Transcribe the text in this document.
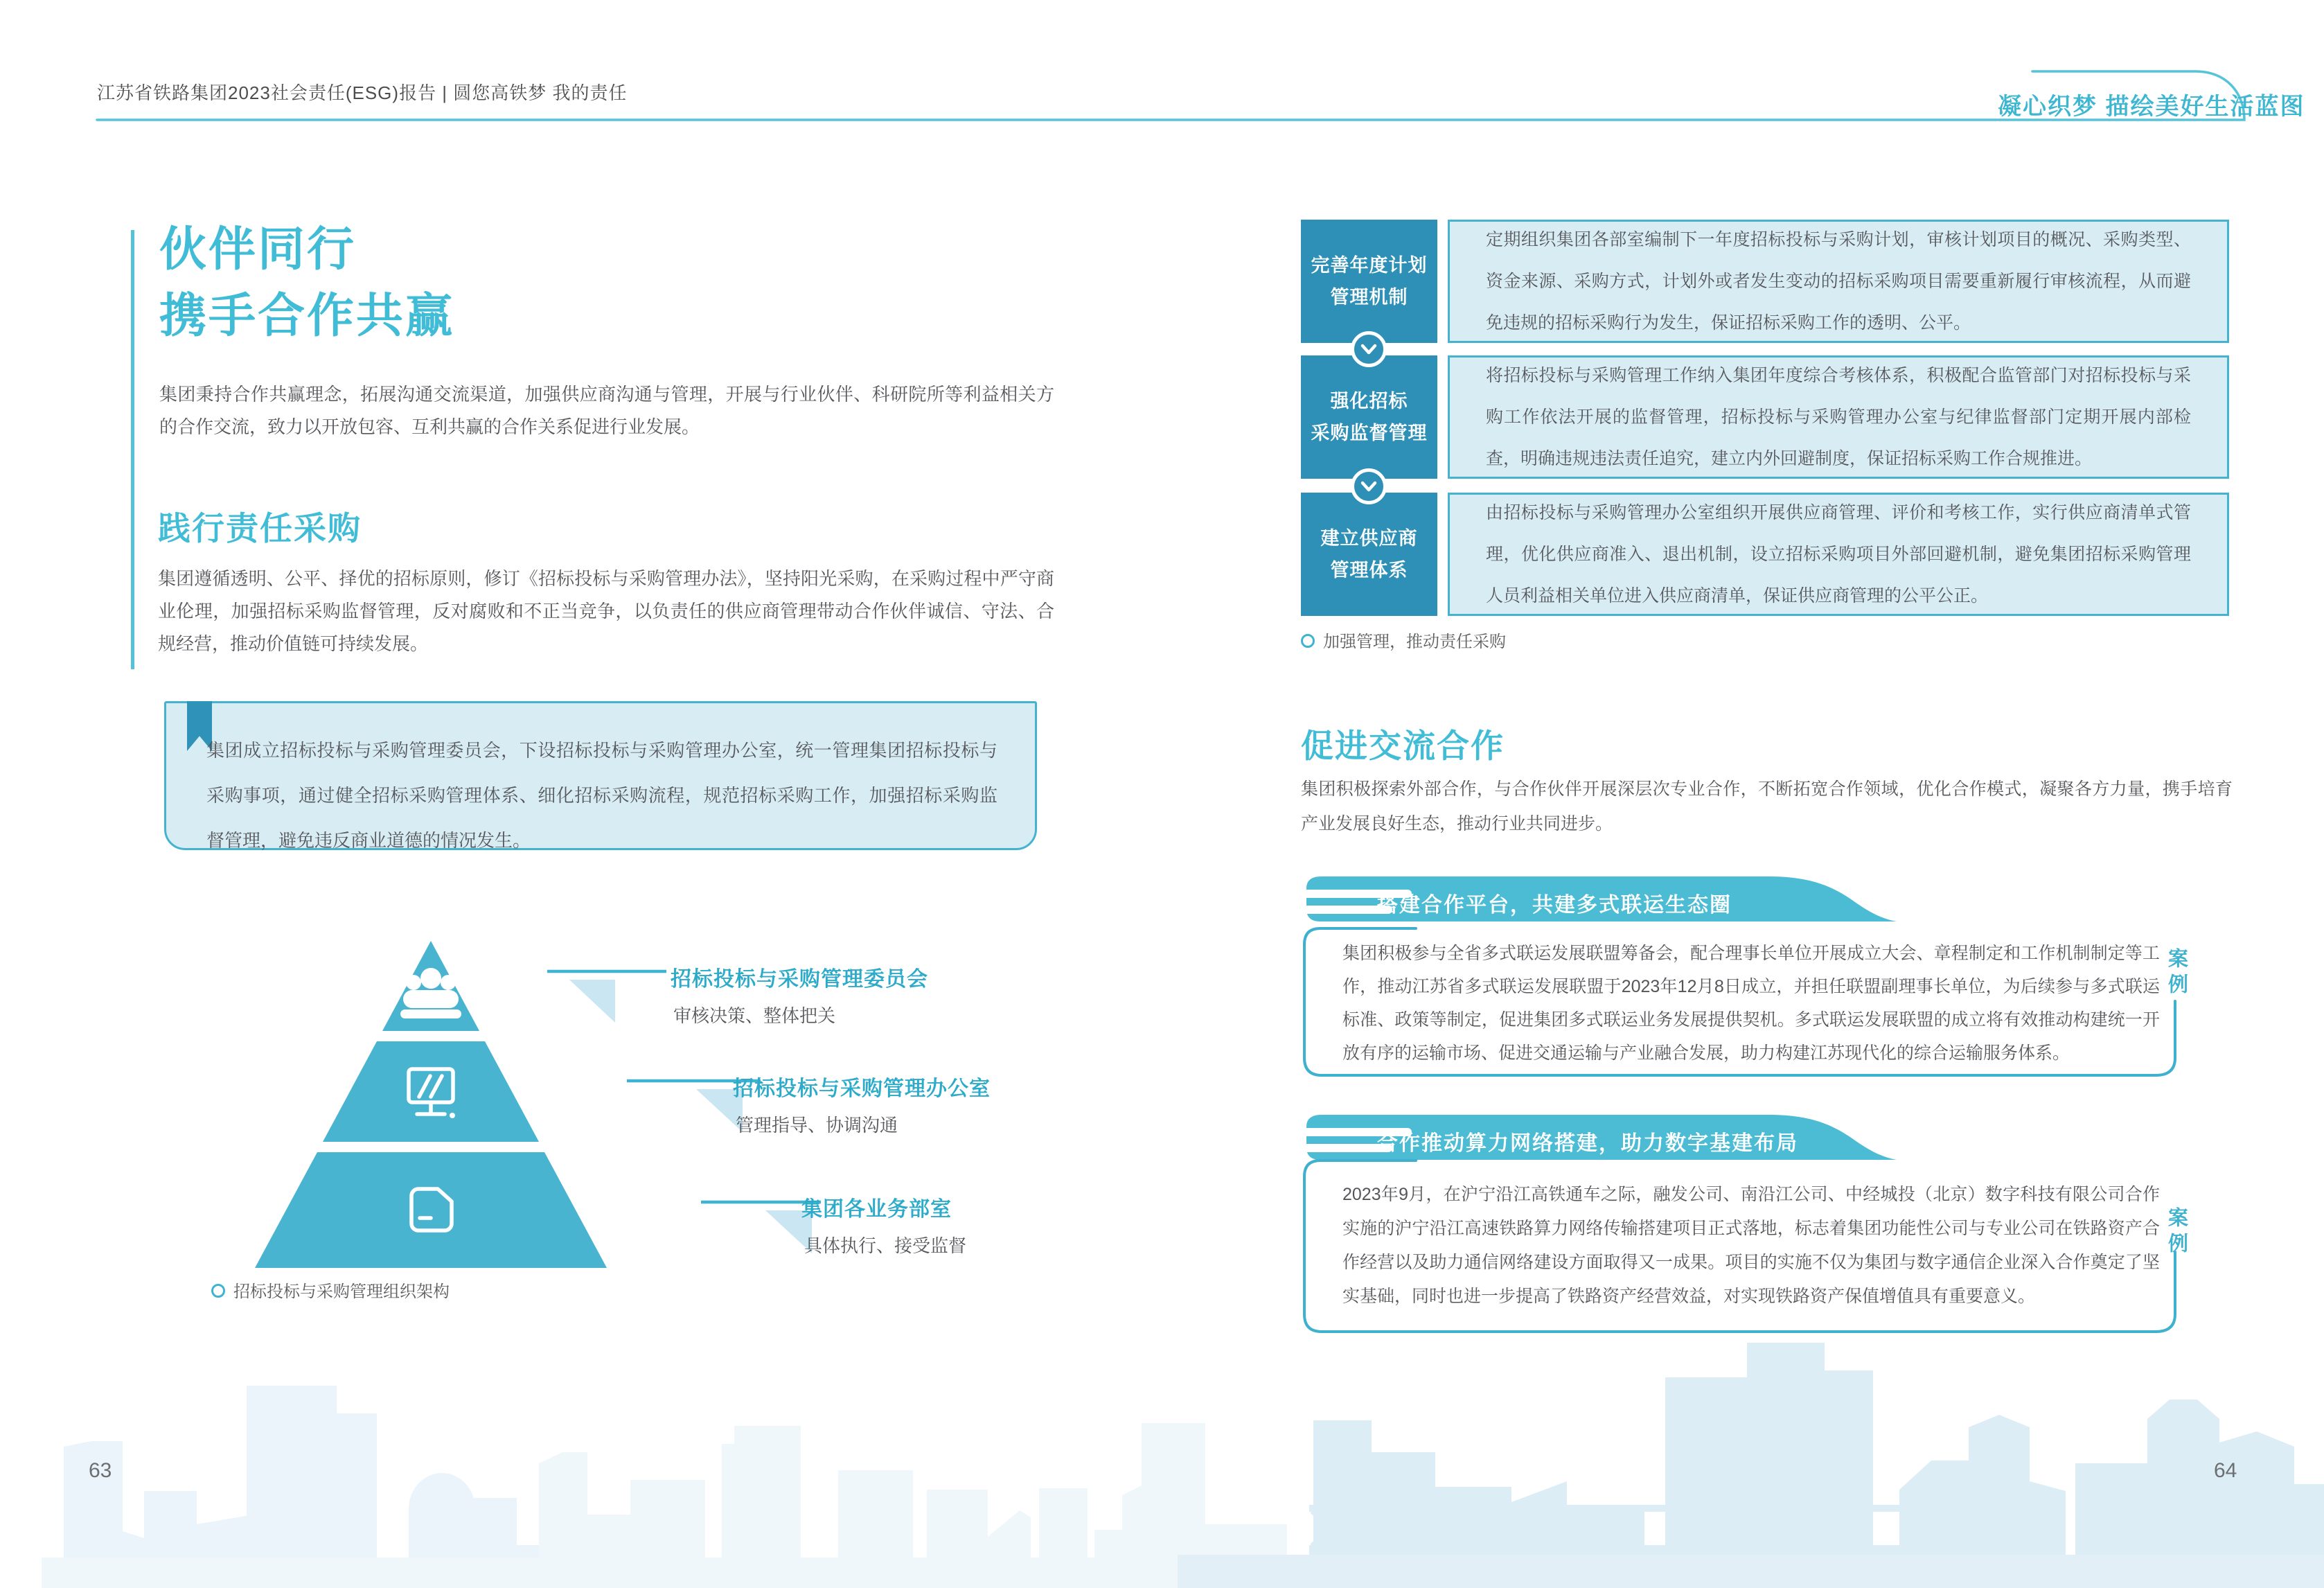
江苏省铁路集团2023社会责任(ESG)报告 | 圆您高铁梦 我的责任
凝心织梦 描绘美好生活蓝图
伙伴同行
携手合作共赢

集团秉持合作共赢理念，拓展沟通交流渠道，加强供应商沟通与管理，开展与行业伙伴、科研院所等利益相关方的合作交流，致力以开放包容、互利共赢的合作关系促进行业发展。

践行责任采购

集团遵循透明、公平、择优的招标原则，修订《招标投标与采购管理办法》，坚持阳光采购，在采购过程中严守商业伦理，加强招标采购监督管理，反对腐败和不正当竞争，以负责任的供应商管理带动合作伙伴诚信、守法、合规经营，推动价值链可持续发展。

集团成立招标投标与采购管理委员会，下设招标投标与采购管理办公室，统一管理集团招标投标与采购事项，通过健全招标采购管理体系、细化招标采购流程，规范招标采购工作，加强招标采购监督管理，避免违反商业道德的情况发生。

招标投标与采购管理委员会
审核决策、整体把关
招标投标与采购管理办公室
管理指导、协调沟通
集团各业务部室
具体执行、接受监督
招标投标与采购管理组织架构
63
完善年度计划
管理机制

定期组织集团各部室编制下一年度招标投标与采购计划，审核计划项目的概况、采购类型、资金来源、采购方式，计划外或者发生变动的招标采购项目需要重新履行审核流程，从而避免违规的招标采购行为发生，保证招标采购工作的透明、公平。

强化招标
采购监督管理

将招标投标与采购管理工作纳入集团年度综合考核体系，积极配合监管部门对招标投标与采购工作依法开展的监督管理，招标投标与采购管理办公室与纪律监督部门定期开展内部检查，明确违规违法责任追究，建立内外回避制度，保证招标采购工作合规推进。

建立供应商
管理体系

由招标投标与采购管理办公室组织开展供应商管理、评价和考核工作，实行供应商清单式管理，优化供应商准入、退出机制，设立招标采购项目外部回避机制，避免集团招标采购管理人员利益相关单位进入供应商清单，保证供应商管理的公平公正。

加强管理，推动责任采购
促进交流合作

集团积极探索外部合作，与合作伙伴开展深层次专业合作，不断拓宽合作领域，优化合作模式，凝聚各方力量，携手培育产业发展良好生态，推动行业共同进步。

搭建合作平台，共建多式联运生态圈

集团积极参与全省多式联运发展联盟筹备会，配合理事长单位开展成立大会、章程制定和工作机制制定等工作，推动江苏省多式联运发展联盟于2023年12月8日成立，并担任联盟副理事长单位，为后续参与多式联运标准、政策等制定，促进集团多式联运业务发展提供契机。多式联运发展联盟的成立将有效推动构建统一开放有序的运输市场、促进交通运输与产业融合发展，助力构建江苏现代化的综合运输服务体系。

案例
合作推动算力网络搭建，助力数字基建布局

2023年9月，在沪宁沿江高铁通车之际，融发公司、南沿江公司、中经城投（北京）数字科技有限公司合作实施的沪宁沿江高速铁路算力网络传输搭建项目正式落地，标志着集团功能性公司与专业公司在铁路资产合作经营以及助力通信网络建设方面取得又一成果。项目的实施不仅为集团与数字通信企业深入合作奠定了坚实基础，同时也进一步提高了铁路资产经营效益，对实现铁路资产保值增值具有重要意义。

案例
64
